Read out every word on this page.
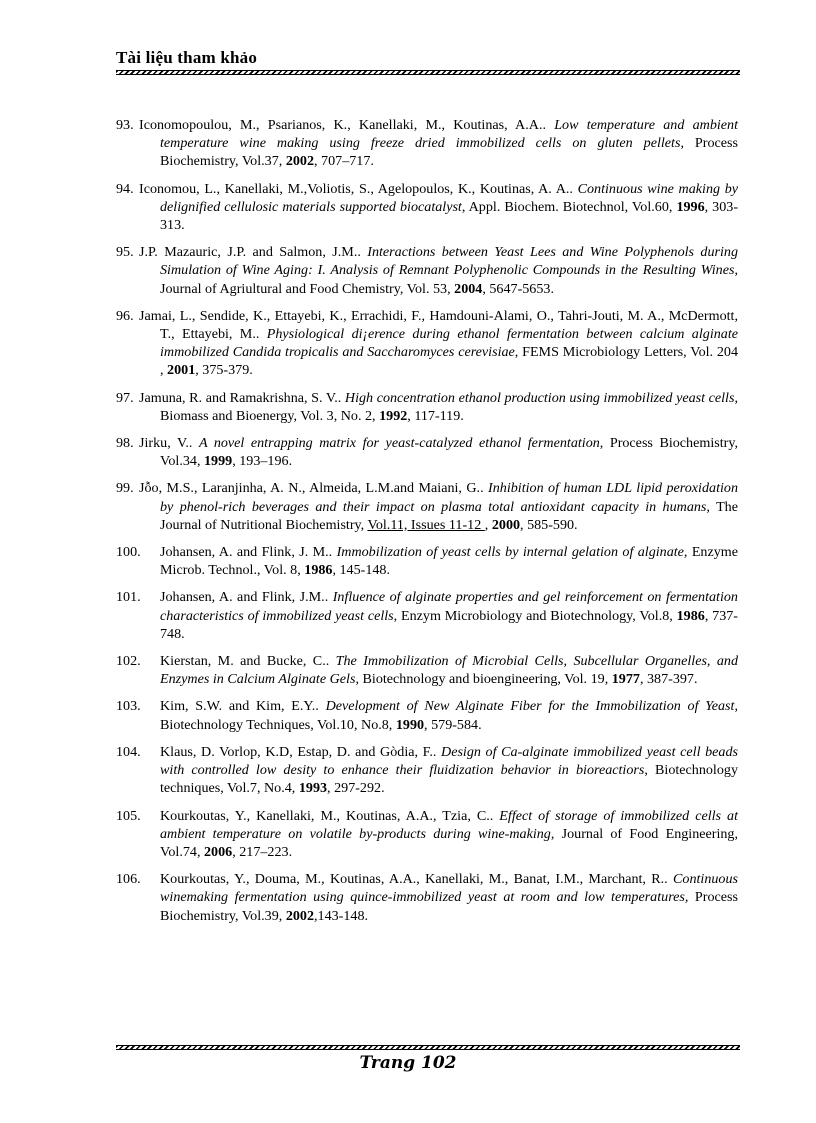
Tài liệu tham khảo
93. Iconomopoulou, M., Psarianos, K., Kanellaki, M., Koutinas, A.A.. Low temperature and ambient temperature wine making using freeze dried immobilized cells on gluten pellets, Process Biochemistry, Vol.37, 2002, 707–717.
94. Iconomou, L., Kanellaki, M.,Voliotis, S., Agelopoulos, K., Koutinas, A. A.. Continuous wine making by delignified cellulosic materials supported biocatalyst, Appl. Biochem. Biotechnol, Vol.60, 1996, 303-313.
95. J.P. Mazauric, J.P. and Salmon, J.M.. Interactions between Yeast Lees and Wine Polyphenols during Simulation of Wine Aging: I. Analysis of Remnant Polyphenolic Compounds in the Resulting Wines, Journal of Agriultural and Food Chemistry, Vol. 53, 2004, 5647-5653.
96. Jamai, L., Sendide, K., Ettayebi, K., Errachidi, F., Hamdouni-Alami, O., Tahri-Jouti, M. A., McDermott, T., Ettayebi, M.. Physiological di¡erence during ethanol fermentation between calcium alginate immobilized Candida tropicalis and Saccharomyces cerevisiae, FEMS Microbiology Letters, Vol. 204 , 2001, 375-379.
97. Jamuna, R. and Ramakrishna, S. V.. High concentration ethanol production using immobilized yeast cells, Biomass and Bioenergy, Vol. 3, No. 2, 1992, 117-119.
98. Jirku, V.. A novel entrapping matrix for yeast-catalyzed ethanol fermentation, Process Biochemistry, Vol.34, 1999, 193–196.
99. Jỗo, M.S., Laranjinha, A. N., Almeida, L.M.and Maiani, G.. Inhibition of human LDL lipid peroxidation by phenol-rich beverages and their impact on plasma total antioxidant capacity in humans, The Journal of Nutritional Biochemistry, Vol.11, Issues 11-12 , 2000, 585-590.
100. Johansen, A. and Flink, J. M.. Immobilization of yeast cells by internal gelation of alginate, Enzyme Microb. Technol., Vol. 8, 1986, 145-148.
101. Johansen, A. and Flink, J.M.. Influence of alginate properties and gel reinforcement on fermentation characteristics of immobilized yeast cells, Enzym Microbiology and Biotechnology, Vol.8, 1986, 737-748.
102. Kierstan, M. and Bucke, C.. The Immobilization of Microbial Cells, Subcellular Organelles, and Enzymes in Calcium Alginate Gels, Biotechnology and bioengineering, Vol. 19, 1977, 387-397.
103. Kim, S.W. and Kim, E.Y.. Development of New Alginate Fiber for the Immobilization of Yeast, Biotechnology Techniques, Vol.10, No.8, 1990, 579-584.
104. Klaus, D. Vorlop, K.D, Estap, D. and Gòdia, F.. Design of Ca-alginate immobilized yeast cell beads with controlled low desity to enhance their fluidization behavior in bioreactiors, Biotechnology techniques, Vol.7, No.4, 1993, 297-292.
105. Kourkoutas, Y., Kanellaki, M., Koutinas, A.A., Tzia, C.. Effect of storage of immobilized cells at ambient temperature on volatile by-products during wine-making, Journal of Food Engineering, Vol.74, 2006, 217–223.
106. Kourkoutas, Y., Douma, M., Koutinas, A.A., Kanellaki, M., Banat, I.M., Marchant, R.. Continuous winemaking fermentation using quince-immobilized yeast at room and low temperatures, Process Biochemistry, Vol.39, 2002,143-148.
Trang 102
